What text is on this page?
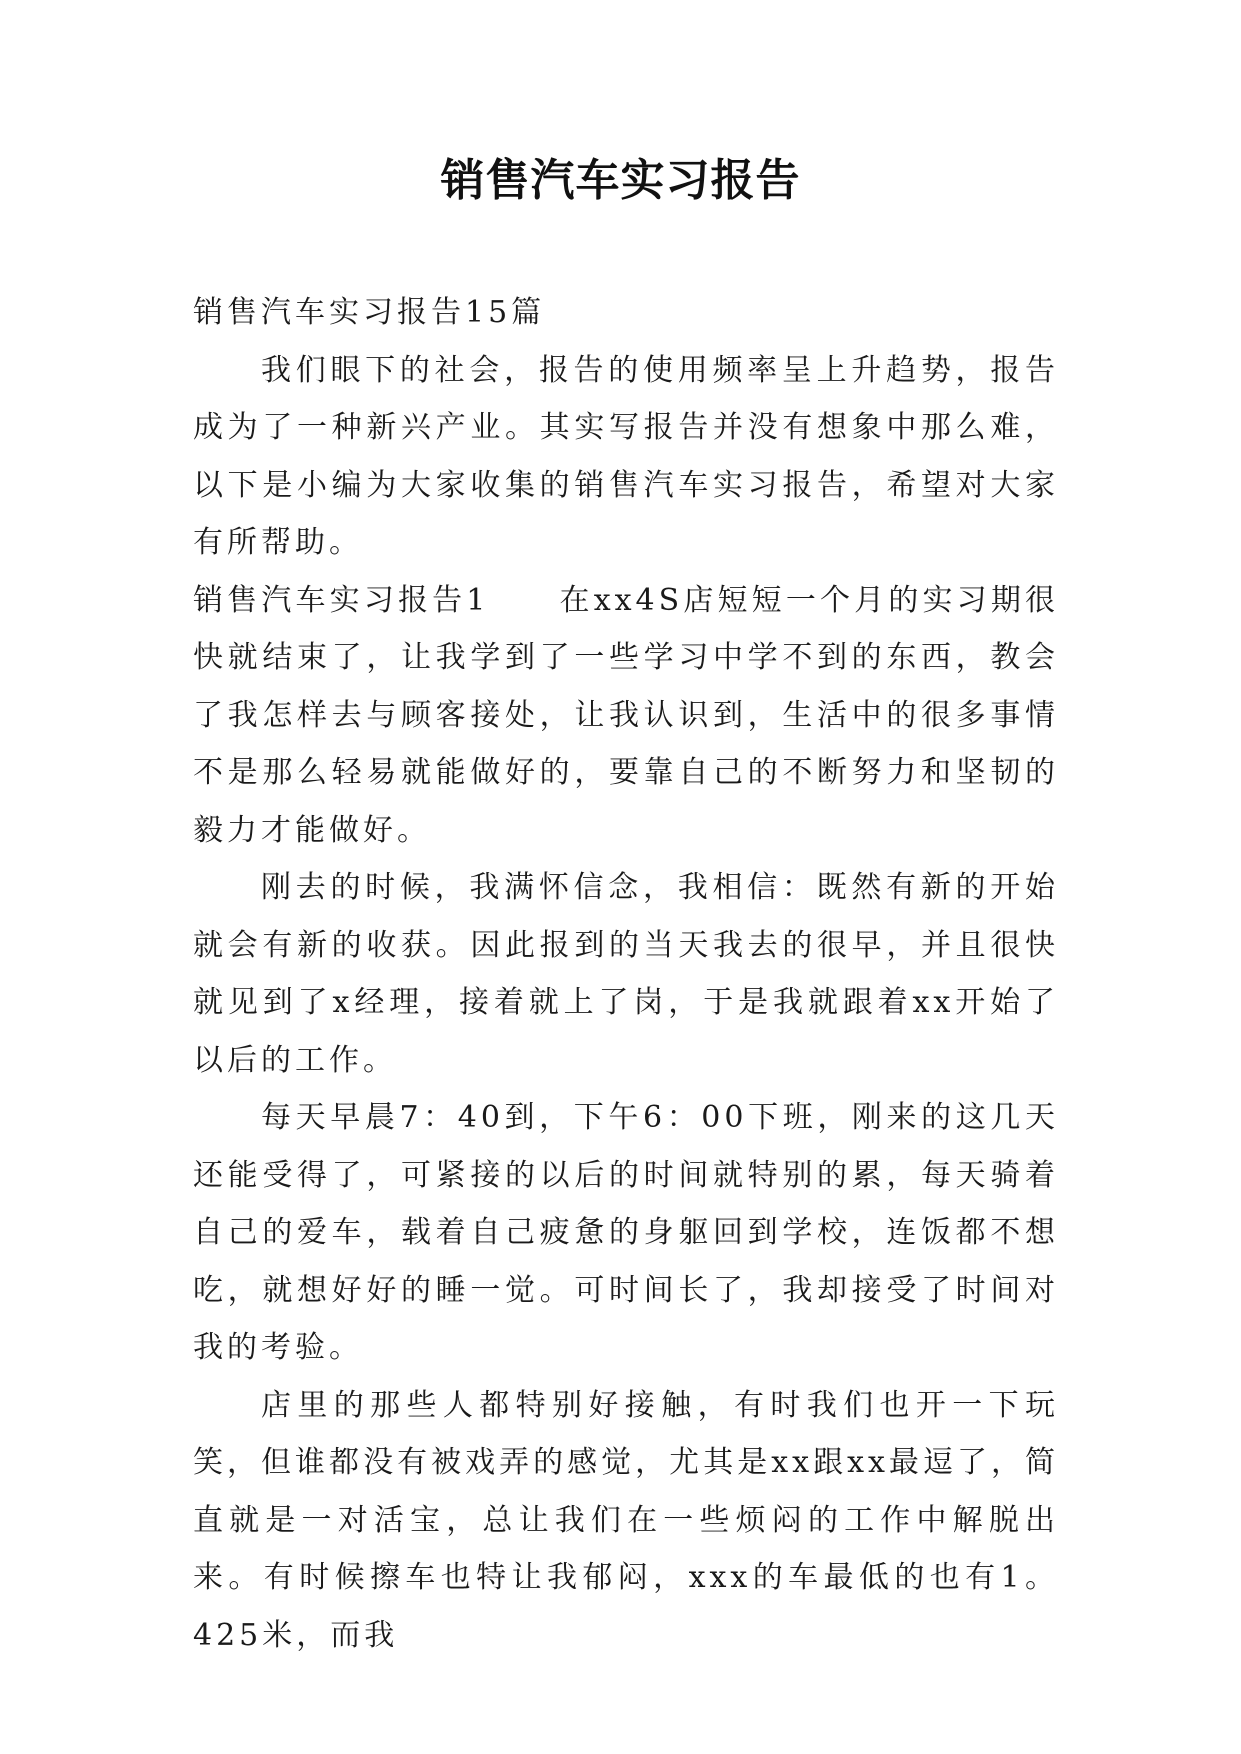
销售汽车实习报告

销售汽车实习报告15篇

我们眼下的社会，报告的使用频率呈上升趋势，报告成为了一种新兴产业。其实写报告并没有想象中那么难，以下是小编为大家收集的销售汽车实习报告，希望对大家有所帮助。

销售汽车实习报告1 在xx4S店短短一个月的实习期很快就结束了，让我学到了一些学习中学不到的东西，教会了我怎样去与顾客接处，让我认识到，生活中的很多事情不是那么轻易就能做好的，要靠自己的不断努力和坚韧的毅力才能做好。

刚去的时候，我满怀信念，我相信：既然有新的开始就会有新的收获。因此报到的当天我去的很早，并且很快就见到了x经理，接着就上了岗，于是我就跟着xx开始了以后的工作。

每天早晨7：40到，下午6：00下班，刚来的这几天还能受得了，可紧接的以后的时间就特别的累，每天骑着自己的爱车，载着自己疲惫的身躯回到学校，连饭都不想吃，就想好好的睡一觉。可时间长了，我却接受了时间对我的考验。

店里的那些人都特别好接触，有时我们也开一下玩笑，但谁都没有被戏弄的感觉，尤其是xx跟xx最逗了，简直就是一对活宝，总让我们在一些烦闷的工作中解脱出来。有时候擦车也特让我郁闷，xxx的车最低的也有1。425米，而我
